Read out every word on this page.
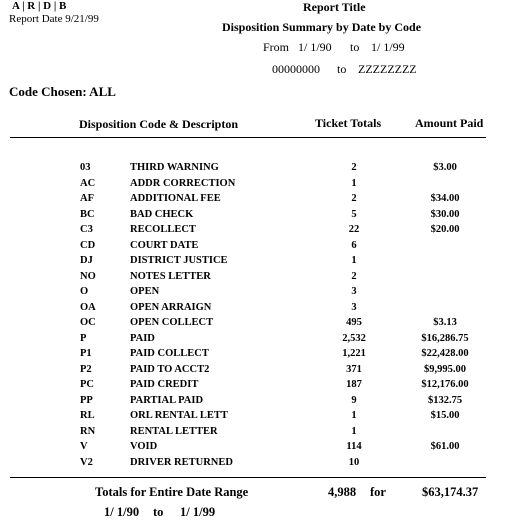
A | R | D | B
Report Date 9/21/99
Report Title
Disposition Summary by Date by Code
From 1/ 1/90 to 1/ 1/99
00000000 to ZZZZZZZZ
Code Chosen: ALL
Disposition Code & Descripton	Ticket Totals	Amount Paid
03	THIRD WARNING	2	$3.00
AC	ADDR CORRECTION	1
AF	ADDITIONAL FEE	2	$34.00
BC	BAD CHECK	5	$30.00
C3	RECOLLECT	22	$20.00
CD	COURT DATE	6
DJ	DISTRICT JUSTICE	1
NO	NOTES LETTER	2
O	OPEN	3
OA	OPEN ARRAIGN	3
OC	OPEN COLLECT	495	$3.13
P	PAID	2,532	$16,286.75
P1	PAID COLLECT	1,221	$22,428.00
P2	PAID TO ACCT2	371	$9,995.00
PC	PAID CREDIT	187	$12,176.00
PP	PARTIAL PAID	9	$132.75
RL	ORL RENTAL LETT	1	$15.00
RN	RENTAL LETTER	1
V	VOID	114	$61.00
V2	DRIVER RETURNED	10
Totals for Entire Date Range	4,988 for	$63,174.37
1/ 1/90 to 1/ 1/99
